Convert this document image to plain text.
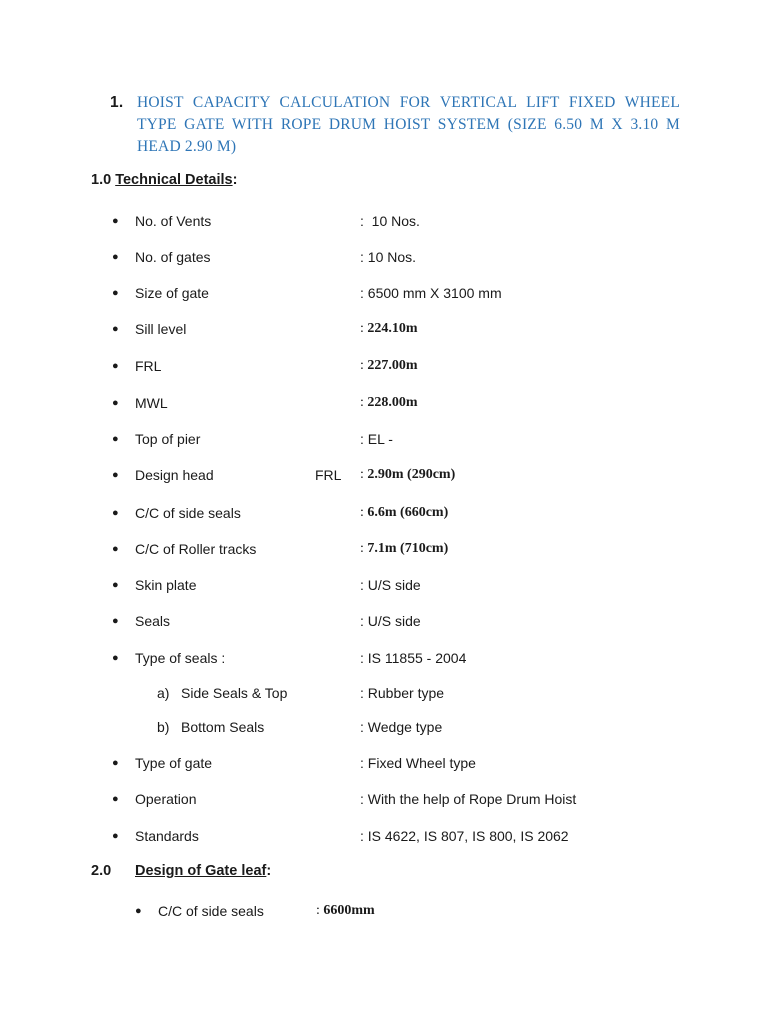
1. HOIST CAPACITY CALCULATION FOR VERTICAL LIFT FIXED WHEEL TYPE GATE WITH ROPE DRUM HOIST SYSTEM (SIZE 6.50 M X 3.10 M HEAD 2.90 M)
1.0 Technical Details:
● No. of Vents	:  10 Nos.
● No. of gates	: 10 Nos.
● Size of gate	: 6500 mm X 3100 mm
● Sill level	: 224.10m
● FRL	: 227.00m
● MWL	: 228.00m
● Top of pier	: EL -
● Design head	FRL : 2.90m (290cm)
● C/C of side seals	: 6.6m (660cm)
● C/C of Roller tracks	: 7.1m (710cm)
● Skin plate	: U/S side
● Seals	: U/S side
● Type of seals :	: IS 11855 - 2004
a) Side Seals & Top	: Rubber type
b) Bottom Seals	: Wedge type
● Type of gate	: Fixed Wheel type
● Operation	: With the help of Rope Drum Hoist
● Standards	: IS 4622, IS 807, IS 800, IS 2062
2.0 Design of Gate leaf:
● C/C of side seals	: 6600mm
